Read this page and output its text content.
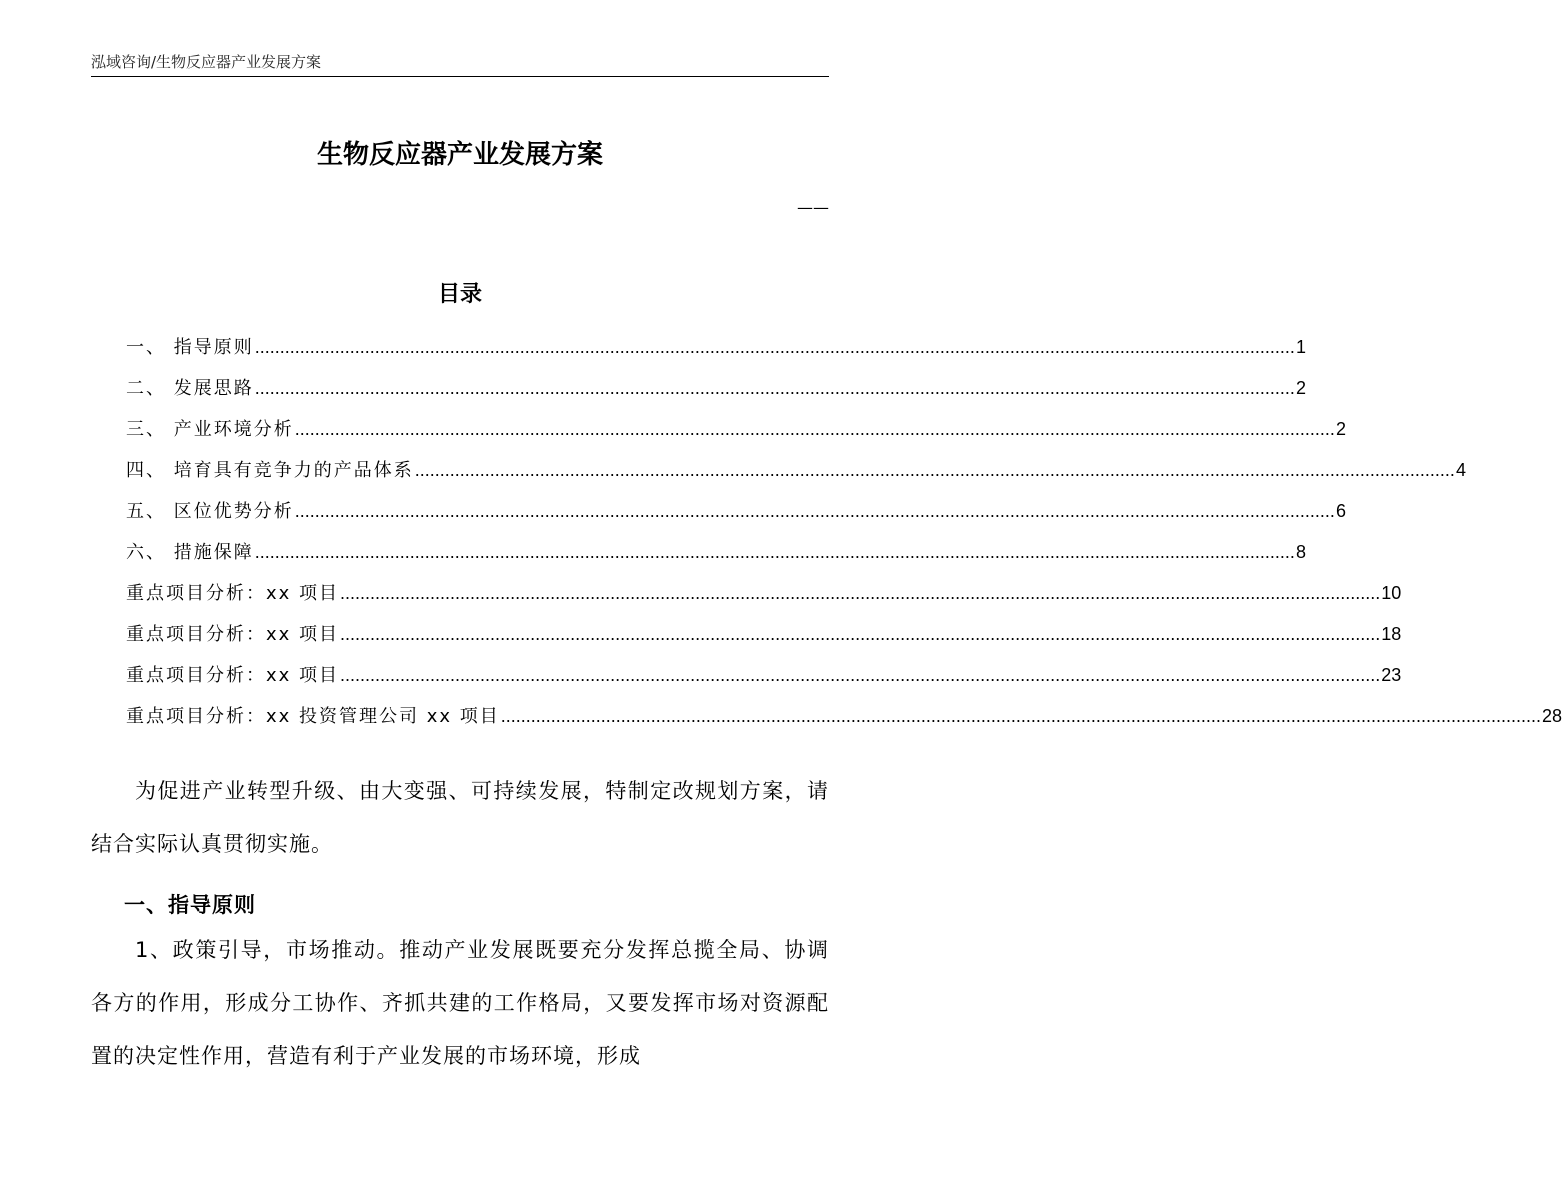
泓域咨询/生物反应器产业发展方案
生物反应器产业发展方案
——
目录
一、 指导原则 ................................................................................................................................................................................................................ 1
二、 发展思路 ................................................................................................................................................................................................................ 2
三、 产业环境分析 ................................................................................................................................................................................................................ 2
四、 培育具有竞争力的产品体系 ................................................................................................................................................................................................................ 4
五、 区位优势分析 ................................................................................................................................................................................................................ 6
六、 措施保障 ................................................................................................................................................................................................................ 8
重点项目分析：xx 项目 ................................................................................................................................................................................................................ 10
重点项目分析：xx 项目 ................................................................................................................................................................................................................ 18
重点项目分析：xx 项目 ................................................................................................................................................................................................................ 23
重点项目分析：xx 投资管理公司 xx 项目 ................................................................................................................................................................................................................ 28

为促进产业转型升级、由大变强、可持续发展，特制定改规划方案，请结合实际认真贯彻实施。

一、指导原则

1、政策引导，市场推动。推动产业发展既要充分发挥总揽全局、协调各方的作用，形成分工协作、齐抓共建的工作格局，又要发挥市场对资源配置的决定性作用，营造有利于产业发展的市场环境，形成
